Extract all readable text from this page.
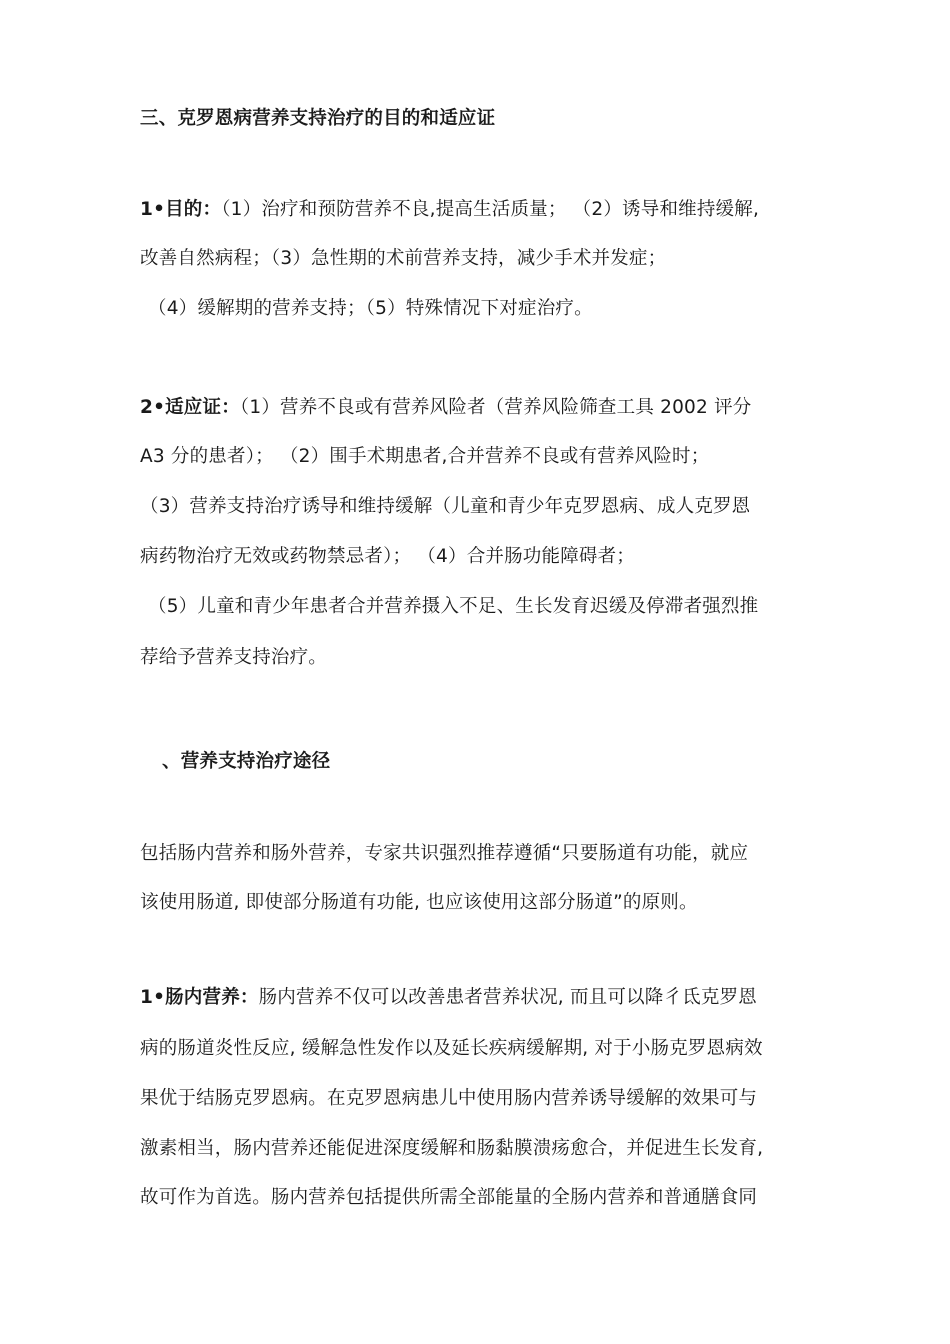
三、克罗恩病营养支持治疗的目的和适应证
1•目的：（1）治疗和预防营养不良,提高生活质量； （2）诱导和维持缓解,
改善自然病程；（3）急性期的术前营养支持，减少手术并发症；
（4）缓解期的营养支持；（5）特殊情况下对症治疗。
2•适应证：（1）营养不良或有营养风险者（营养风险筛查工具 2002 评分
A3 分的患者）； （2）围手术期患者,合并营养不良或有营养风险时；
（3）营养支持治疗诱导和维持缓解（儿童和青少年克罗恩病、成人克罗恩
病药物治疗无效或药物禁忌者）； （4）合并肠功能障碍者；
（5）儿童和青少年患者合并营养摄入不足、生长发育迟缓及停滞者强烈推
荐给予营养支持治疗。
、营养支持治疗途径
包括肠内营养和肠外营养，专家共识强烈推荐遵循“只要肠道有功能，就应
该使用肠道, 即使部分肠道有功能, 也应该使用这部分肠道”的原则。
1•肠内营养：肠内营养不仅可以改善患者营养状况, 而且可以降彳氐克罗恩
病的肠道炎性反应, 缓解急性发作以及延长疾病缓解期, 对于小肠克罗恩病效
果优于结肠克罗恩病。在克罗恩病患儿中使用肠内营养诱导缓解的效果可与
激素相当，肠内营养还能促进深度缓解和肠黏膜溃疡愈合，并促进生长发育,
故可作为首选。肠内营养包括提供所需全部能量的全肠内营养和普通膳食同
